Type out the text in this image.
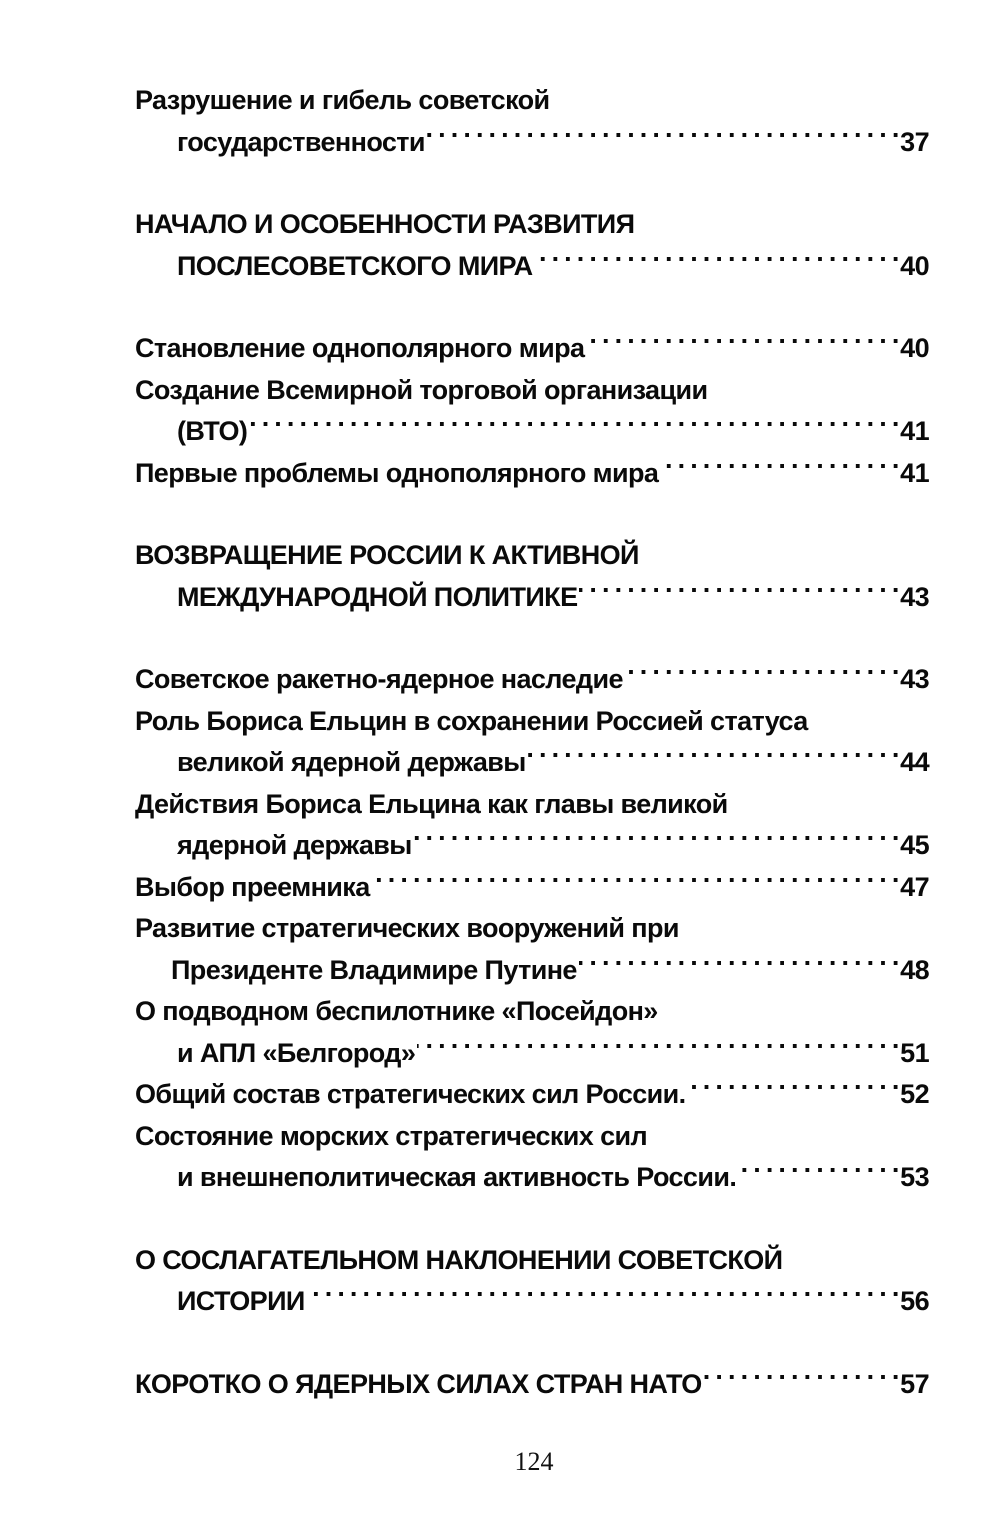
Разрушение и гибель советской
государственности . . .	37
НАЧАЛО И ОСОБЕННОСТИ РАЗВИТИЯ
ПОСЛЕСОВЕТСКОГО МИРА . . .	40
Становление однополярного мира . . .	40
Создание Всемирной торговой организации
(ВТО) . . .	41
Первые проблемы однополярного мира . . .	41
ВОЗВРАЩЕНИЕ РОССИИ К АКТИВНОЙ
МЕЖДУНАРОДНОЙ ПОЛИТИКЕ . . .	43
Советское ракетно-ядерное наследие . . .	43
Роль Бориса Ельцин в сохранении Россией статуса
великой ядерной державы . . .	44
Действия Бориса Ельцина как главы великой
ядерной державы . . .	45
Выбор преемника . . .	47
Развитие стратегических вооружений при
Президенте Владимире Путине . . .	48
О подводном беспилотнике «Посейдон»
и АПЛ «Белгород» . . .	51
Общий состав стратегических сил России. . . .	52
Состояние морских стратегических сил
и внешнеполитическая активность России. . . .	53
О СОСЛАГАТЕЛЬНОМ НАКЛОНЕНИИ СОВЕТСКОЙ
ИСТОРИИ . . .	56
КОРОТКО О ЯДЕРНЫХ СИЛАХ СТРАН НАТО . . .	57
124
